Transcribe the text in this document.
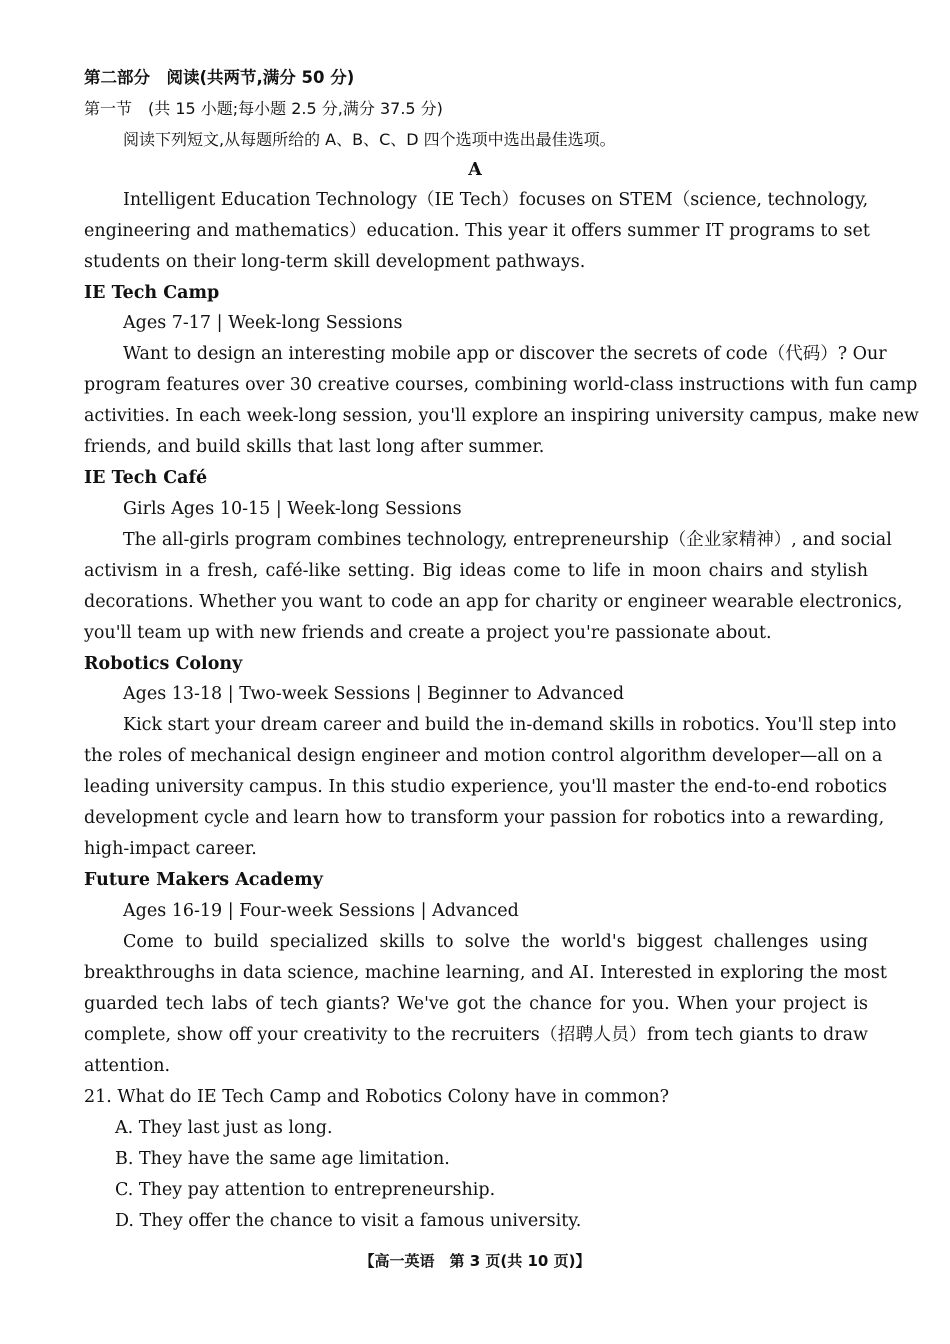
第二部分　阅读(共两节,满分 50 分)
第一节　(共 15 小题;每小题 2.5 分,满分 37.5 分)
阅读下列短文,从每题所给的 A、B、C、D 四个选项中选出最佳选项。
A
Intelligent Education Technology（IE Tech）focuses on STEM（science, technology,
engineering and mathematics）education. This year it offers summer IT programs to set
students on their long-term skill development pathways.
IE Tech Camp
Ages 7-17 | Week-long Sessions
Want to design an interesting mobile app or discover the secrets of code（代码）? Our
program features over 30 creative courses, combining world-class instructions with fun camp
activities. In each week-long session, you'll explore an inspiring university campus, make new
friends, and build skills that last long after summer.
IE Tech Café
Girls Ages 10-15 | Week-long Sessions
The all-girls program combines technology, entrepreneurship（企业家精神）, and social
activism in a fresh, café-like setting. Big ideas come to life in moon chairs and stylish
decorations. Whether you want to code an app for charity or engineer wearable electronics,
you'll team up with new friends and create a project you're passionate about.
Robotics Colony
Ages 13-18 | Two-week Sessions | Beginner to Advanced
Kick start your dream career and build the in-demand skills in robotics. You'll step into
the roles of mechanical design engineer and motion control algorithm developer—all on a
leading university campus. In this studio experience, you'll master the end-to-end robotics
development cycle and learn how to transform your passion for robotics into a rewarding,
high-impact career.
Future Makers Academy
Ages 16-19 | Four-week Sessions | Advanced
Come to build specialized skills to solve the world's biggest challenges using
breakthroughs in data science, machine learning, and AI. Interested in exploring the most
guarded tech labs of tech giants? We've got the chance for you. When your project is
complete, show off your creativity to the recruiters（招聘人员）from tech giants to draw
attention.
21. What do IE Tech Camp and Robotics Colony have in common?
A. They last just as long.
B. They have the same age limitation.
C. They pay attention to entrepreneurship.
D. They offer the chance to visit a famous university.
【高一英语　第 3 页(共 10 页)】
